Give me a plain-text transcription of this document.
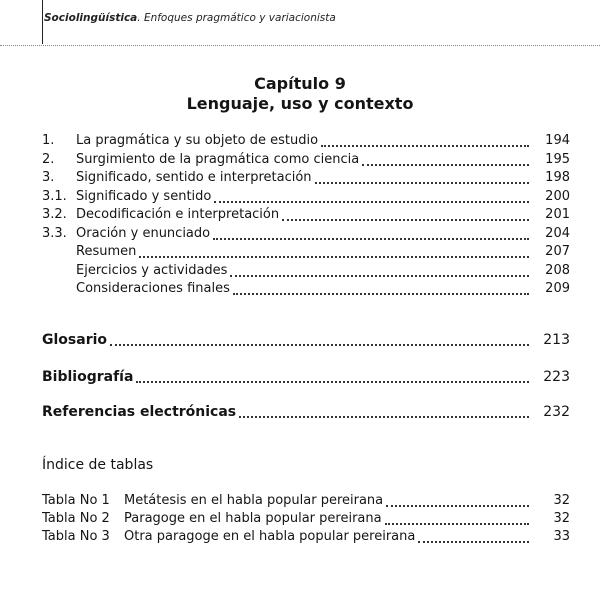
Sociolingüística. Enfoques pragmático y variacionista
Capítulo 9
Lenguaje, uso y contexto
1.	La pragmática y su objeto de estudio	194
2.	Surgimiento de la pragmática como ciencia	195
3.	Significado, sentido e interpretación	198
3.1. Significado y sentido	200
3.2. Decodificación e interpretación	201
3.3. Oración y enunciado	204
Resumen	207
Ejercicios y actividades	208
Consideraciones finales	209
Glosario	213
Bibliografía	223
Referencias electrónicas	232
Índice de tablas
Tabla No 1	Metátesis en el habla popular pereirana	32
Tabla No 2	Paragoge en el habla popular pereirana	32
Tabla No 3	Otra paragoge en el habla popular pereirana	33
